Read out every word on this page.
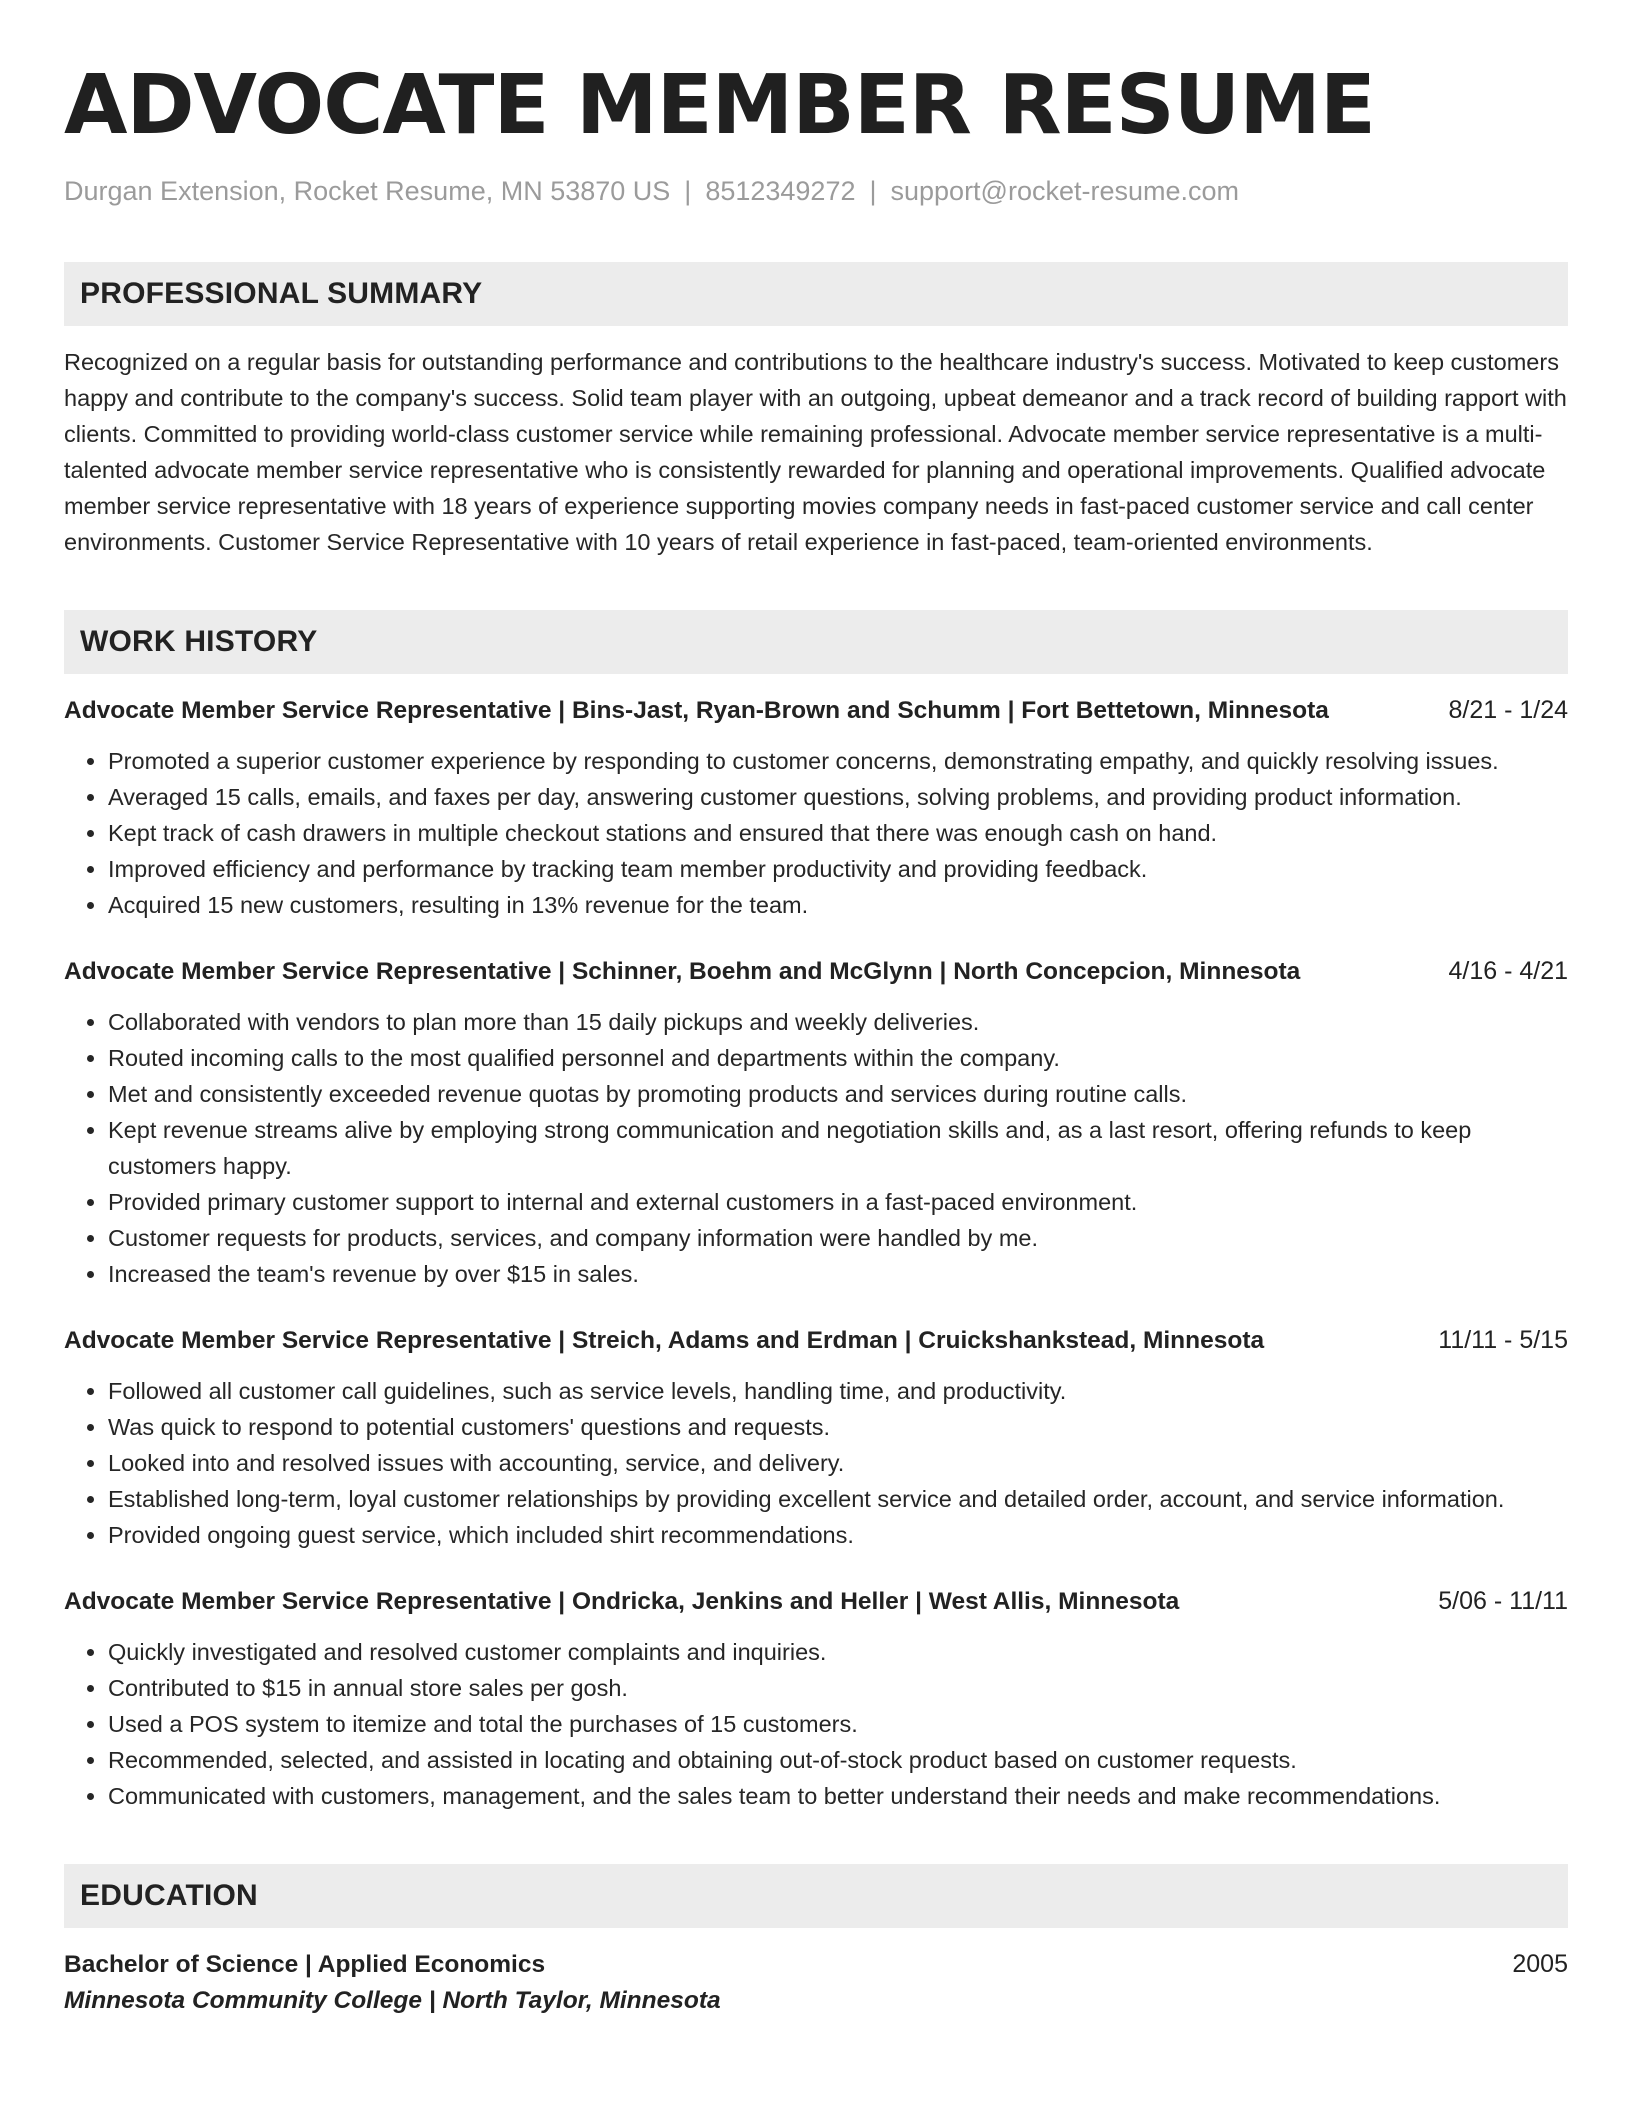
ADVOCATE MEMBER RESUME
Durgan Extension, Rocket Resume, MN 53870 US | 8512349272 | support@rocket-resume.com
PROFESSIONAL SUMMARY
Recognized on a regular basis for outstanding performance and contributions to the healthcare industry's success. Motivated to keep customers happy and contribute to the company's success. Solid team player with an outgoing, upbeat demeanor and a track record of building rapport with clients. Committed to providing world-class customer service while remaining professional. Advocate member service representative is a multi-talented advocate member service representative who is consistently rewarded for planning and operational improvements. Qualified advocate member service representative with 18 years of experience supporting movies company needs in fast-paced customer service and call center environments. Customer Service Representative with 10 years of retail experience in fast-paced, team-oriented environments.
WORK HISTORY
Advocate Member Service Representative | Bins-Jast, Ryan-Brown and Schumm | Fort Bettetown, Minnesota	8/21 - 1/24
• Promoted a superior customer experience by responding to customer concerns, demonstrating empathy, and quickly resolving issues.
• Averaged 15 calls, emails, and faxes per day, answering customer questions, solving problems, and providing product information.
• Kept track of cash drawers in multiple checkout stations and ensured that there was enough cash on hand.
• Improved efficiency and performance by tracking team member productivity and providing feedback.
• Acquired 15 new customers, resulting in 13% revenue for the team.
Advocate Member Service Representative | Schinner, Boehm and McGlynn | North Concepcion, Minnesota	4/16 - 4/21
• Collaborated with vendors to plan more than 15 daily pickups and weekly deliveries.
• Routed incoming calls to the most qualified personnel and departments within the company.
• Met and consistently exceeded revenue quotas by promoting products and services during routine calls.
• Kept revenue streams alive by employing strong communication and negotiation skills and, as a last resort, offering refunds to keep customers happy.
• Provided primary customer support to internal and external customers in a fast-paced environment.
• Customer requests for products, services, and company information were handled by me.
• Increased the team's revenue by over $15 in sales.
Advocate Member Service Representative | Streich, Adams and Erdman | Cruickshankstead, Minnesota	11/11 - 5/15
• Followed all customer call guidelines, such as service levels, handling time, and productivity.
• Was quick to respond to potential customers' questions and requests.
• Looked into and resolved issues with accounting, service, and delivery.
• Established long-term, loyal customer relationships by providing excellent service and detailed order, account, and service information.
• Provided ongoing guest service, which included shirt recommendations.
Advocate Member Service Representative | Ondricka, Jenkins and Heller | West Allis, Minnesota	5/06 - 11/11
• Quickly investigated and resolved customer complaints and inquiries.
• Contributed to $15 in annual store sales per gosh.
• Used a POS system to itemize and total the purchases of 15 customers.
• Recommended, selected, and assisted in locating and obtaining out-of-stock product based on customer requests.
• Communicated with customers, management, and the sales team to better understand their needs and make recommendations.
EDUCATION
Bachelor of Science | Applied Economics	2005
Minnesota Community College | North Taylor, Minnesota
